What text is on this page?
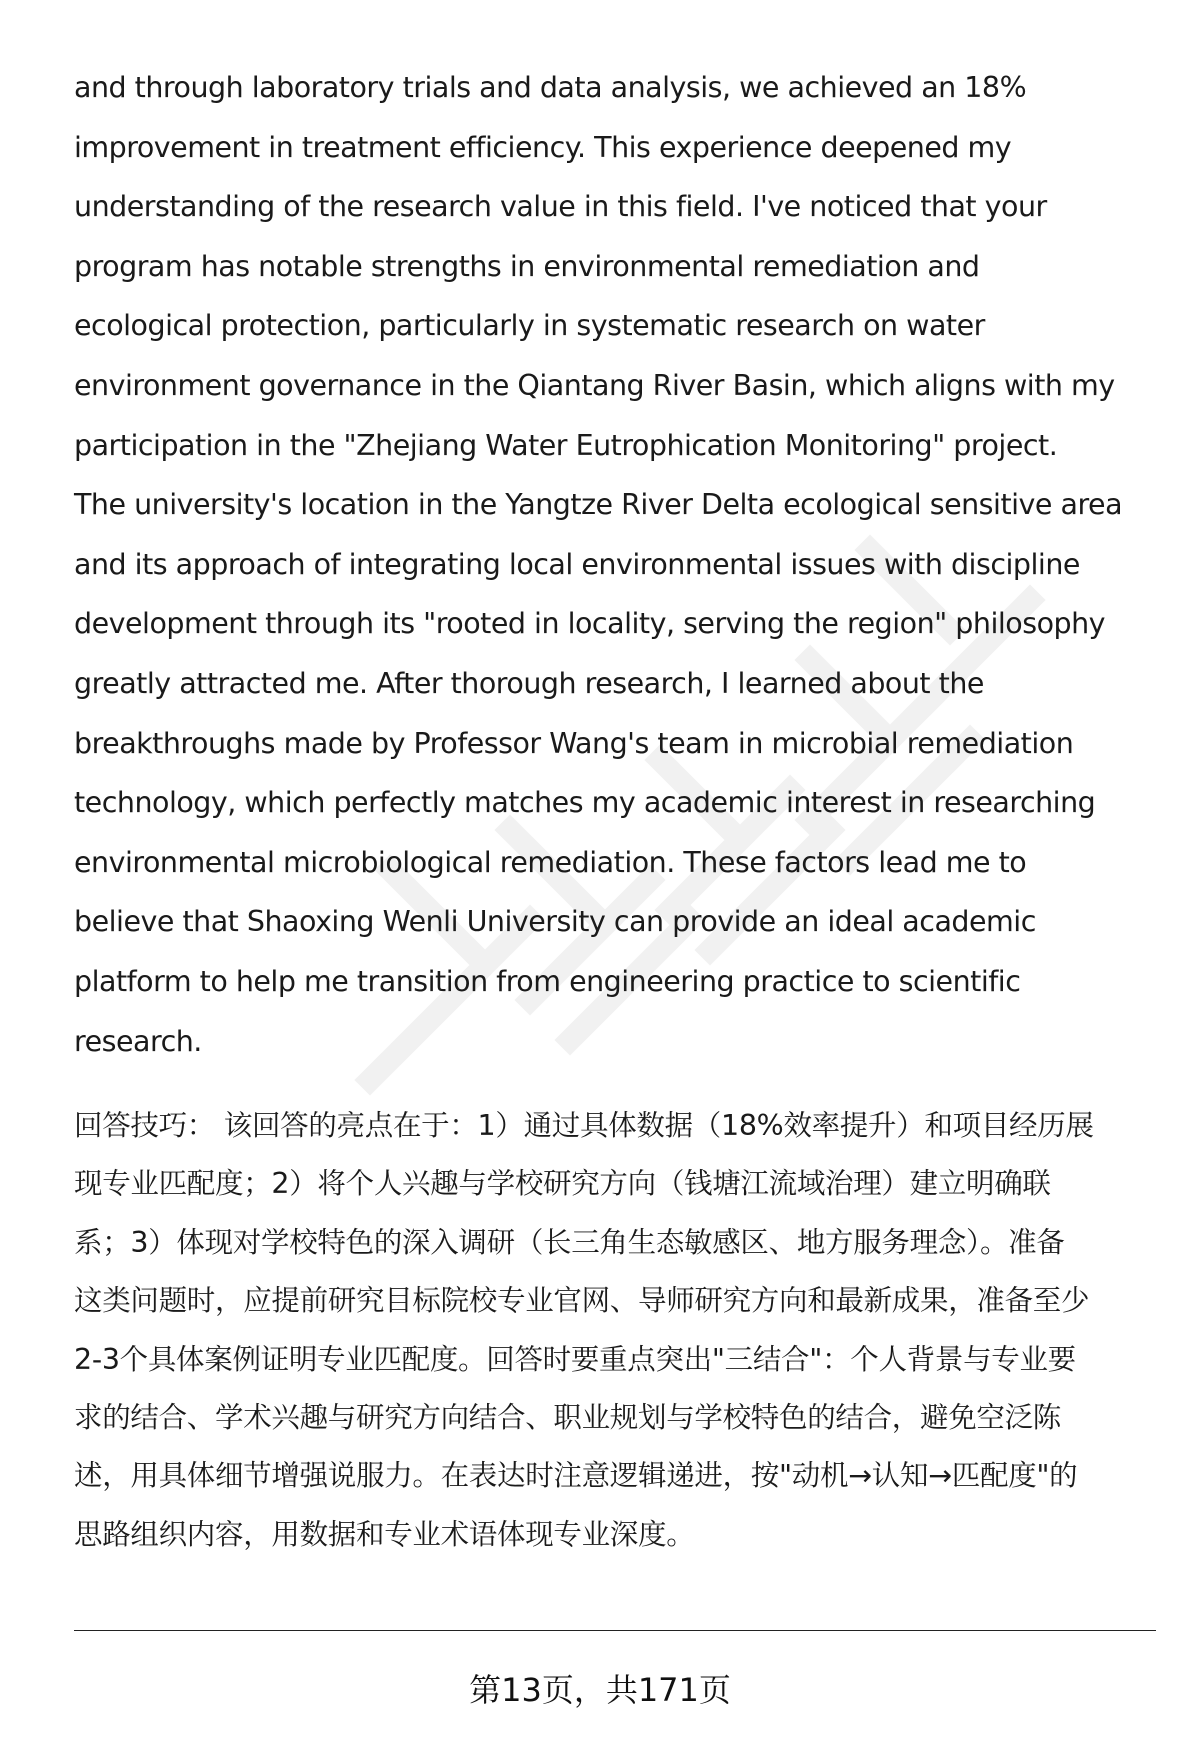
and through laboratory trials and data analysis, we achieved an 18%
improvement in treatment efficiency. This experience deepened my
understanding of the research value in this field. I've noticed that your
program has notable strengths in environmental remediation and
ecological protection, particularly in systematic research on water
environment governance in the Qiantang River Basin, which aligns with my
participation in the "Zhejiang Water Eutrophication Monitoring" project.
The university's location in the Yangtze River Delta ecological sensitive area
and its approach of integrating local environmental issues with discipline
development through its "rooted in locality, serving the region" philosophy
greatly attracted me. After thorough research, I learned about the
breakthroughs made by Professor Wang's team in microbial remediation
technology, which perfectly matches my academic interest in researching
environmental microbiological remediation. These factors lead me to
believe that Shaoxing Wenli University can provide an ideal academic
platform to help me transition from engineering practice to scientific
research.
回答技巧： 该回答的亮点在于：1）通过具体数据（18%效率提升）和项目经历展
现专业匹配度；2）将个人兴趣与学校研究方向（钱塘江流域治理）建立明确联
系；3）体现对学校特色的深入调研（长三角生态敏感区、地方服务理念）。准备
这类问题时，应提前研究目标院校专业官网、导师研究方向和最新成果，准备至少
2-3个具体案例证明专业匹配度。回答时要重点突出"三结合"：个人背景与专业要
求的结合、学术兴趣与研究方向结合、职业规划与学校特色的结合，避免空泛陈
述，用具体细节增强说服力。在表达时注意逻辑递进，按"动机→认知→匹配度"的
思路组织内容，用数据和专业术语体现专业深度。
第13页，共171页
